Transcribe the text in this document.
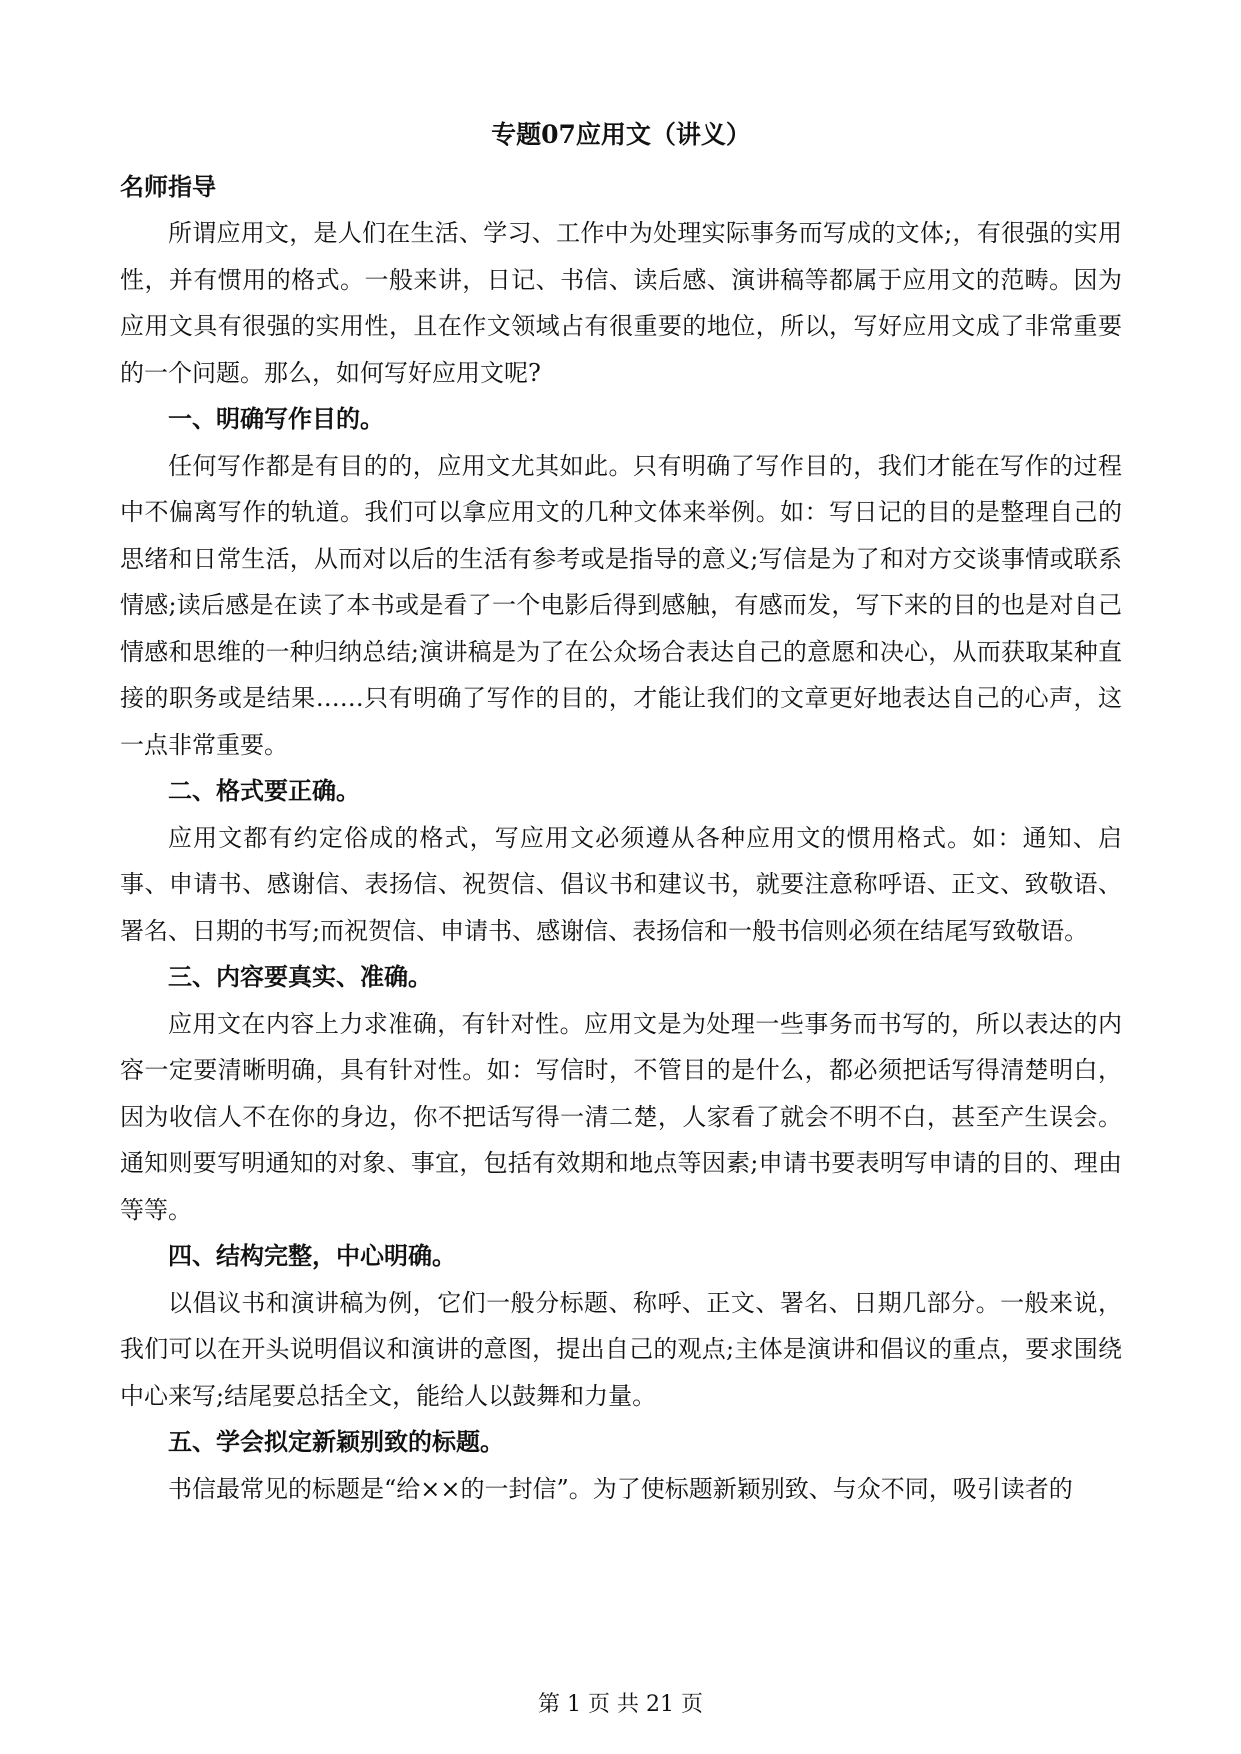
专题07应用文（讲义）
名师指导

所谓应用文，是人们在生活、学习、工作中为处理实际事务而写成的文体;，有很强的实用性，并有惯用的格式。一般来讲，日记、书信、读后感、演讲稿等都属于应用文的范畴。因为应用文具有很强的实用性，且在作文领域占有很重要的地位，所以，写好应用文成了非常重要的一个问题。那么，如何写好应用文呢?

一、明确写作目的。

任何写作都是有目的的，应用文尤其如此。只有明确了写作目的，我们才能在写作的过程中不偏离写作的轨道。我们可以拿应用文的几种文体来举例。如：写日记的目的是整理自己的思绪和日常生活，从而对以后的生活有参考或是指导的意义;写信是为了和对方交谈事情或联系情感;读后感是在读了本书或是看了一个电影后得到感触，有感而发，写下来的目的也是对自己情感和思维的一种归纳总结;演讲稿是为了在公众场合表达自己的意愿和决心，从而获取某种直接的职务或是结果……只有明确了写作的目的，才能让我们的文章更好地表达自己的心声，这一点非常重要。

二、格式要正确。

应用文都有约定俗成的格式，写应用文必须遵从各种应用文的惯用格式。如：通知、启事、申请书、感谢信、表扬信、祝贺信、倡议书和建议书，就要注意称呼语、正文、致敬语、署名、日期的书写;而祝贺信、申请书、感谢信、表扬信和一般书信则必须在结尾写致敬语。

三、内容要真实、准确。

应用文在内容上力求准确，有针对性。应用文是为处理一些事务而书写的，所以表达的内容一定要清晰明确，具有针对性。如：写信时，不管目的是什么，都必须把话写得清楚明白，因为收信人不在你的身边，你不把话写得一清二楚，人家看了就会不明不白，甚至产生误会。通知则要写明通知的对象、事宜，包括有效期和地点等因素;申请书要表明写申请的目的、理由等等。

四、结构完整，中心明确。

以倡议书和演讲稿为例，它们一般分标题、称呼、正文、署名、日期几部分。一般来说，我们可以在开头说明倡议和演讲的意图，提出自己的观点;主体是演讲和倡议的重点，要求围绕中心来写;结尾要总括全文，能给人以鼓舞和力量。

五、学会拟定新颖别致的标题。

书信最常见的标题是“给××的一封信”。为了使标题新颖别致、与众不同，吸引读者的

第 1 页 共 21 页
